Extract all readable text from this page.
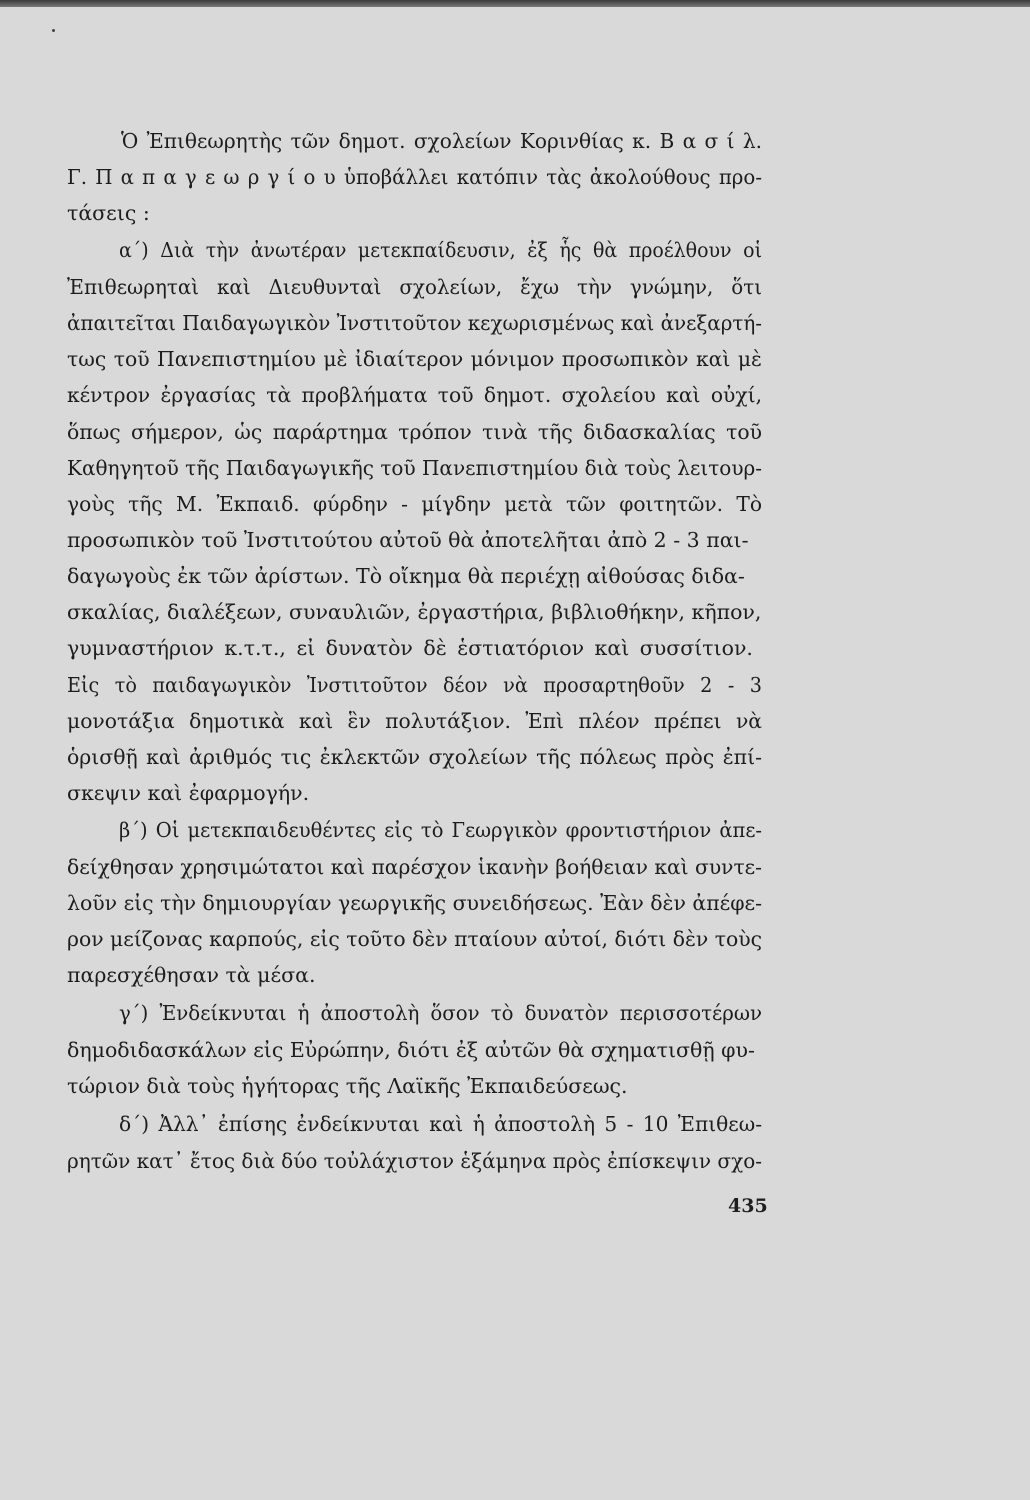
Ὁ Ἐπιθεωρητὴς τῶν δημοτ. σχολείων Κορινθίας κ. Β α σ ί λ.
Γ. Π α π α γ ε ω ρ γ ί ο υ ὑποβάλλει κατόπιν τὰς ἀκολούθους προ-
τάσεις :
α΄) Διὰ τὴν ἀνωτέραν μετεκπαίδευσιν, ἐξ ἧς θὰ προέλθουν οἱ
Ἐπιθεωρηταὶ καὶ Διευθυνταὶ σχολείων, ἔχω τὴν γνώμην, ὅτι
ἀπαιτεῖται Παιδαγωγικὸν Ἰνστιτοῦτον κεχωρισμένως καὶ ἀνεξαρτή-
τως τοῦ Πανεπιστημίου μὲ ἰδιαίτερον μόνιμον προσωπικὸν καὶ μὲ
κέντρον ἐργασίας τὰ προβλήματα τοῦ δημοτ. σχολείου καὶ οὐχί,
ὅπως σήμερον, ὡς παράρτημα τρόπον τινὰ τῆς διδασκαλίας τοῦ
Καθηγητοῦ τῆς Παιδαγωγικῆς τοῦ Πανεπιστημίου διὰ τοὺς λειτουρ-
γοὺς τῆς Μ. Ἐκπαιδ. φύρδην - μίγδην μετὰ τῶν φοιτητῶν. Τὸ
προσωπικὸν τοῦ Ἰνστιτούτου αὐτοῦ θὰ ἀποτελῆται ἀπὸ 2 - 3 παι-
δαγωγοὺς ἐκ τῶν ἀρίστων. Τὸ οἴκημα θὰ περιέχῃ αἰθούσας διδα-
σκαλίας, διαλέξεων, συναυλιῶν, ἐργαστήρια, βιβλιοθήκην, κῆπον,
γυμναστήριον κ.τ.τ., εἰ δυνατὸν δὲ ἑστιατόριον καὶ συσσίτιον.
Εἰς τὸ παιδαγωγικὸν Ἰνστιτοῦτον δέον νὰ προσαρτηθοῦν 2 - 3
μονοτάξια δημοτικὰ καὶ ἓν πολυτάξιον. Ἐπὶ πλέον πρέπει νὰ
ὁρισθῇ καὶ ἀριθμός τις ἐκλεκτῶν σχολείων τῆς πόλεως πρὸς ἐπί-
σκεψιν καὶ ἐφαρμογήν.
β΄) Οἱ μετεκπαιδευθέντες εἰς τὸ Γεωργικὸν φροντιστήριον ἀπε-
δείχθησαν χρησιμώτατοι καὶ παρέσχον ἱκανὴν βοήθειαν καὶ συντε-
λοῦν εἰς τὴν δημιουργίαν γεωργικῆς συνειδήσεως. Ἐὰν δὲν ἀπέφε-
ρον μείζονας καρπούς, εἰς τοῦτο δὲν πταίουν αὐτοί, διότι δὲν τοὺς
παρεσχέθησαν τὰ μέσα.
γ΄) Ἐνδείκνυται ἡ ἀποστολὴ ὅσον τὸ δυνατὸν περισσοτέρων
δημοδιδασκάλων εἰς Εὐρώπην, διότι ἐξ αὐτῶν θὰ σχηματισθῇ φυ-
τώριον διὰ τοὺς ἡγήτορας τῆς Λαϊκῆς Ἐκπαιδεύσεως.
δ΄) Ἀλλ᾽ ἐπίσης ἐνδείκνυται καὶ ἡ ἀποστολὴ 5 - 10 Ἐπιθεω-
ρητῶν κατ᾽ ἔτος διὰ δύο τοὐλάχιστον ἑξάμηνα πρὸς ἐπίσκεψιν σχο-
435
